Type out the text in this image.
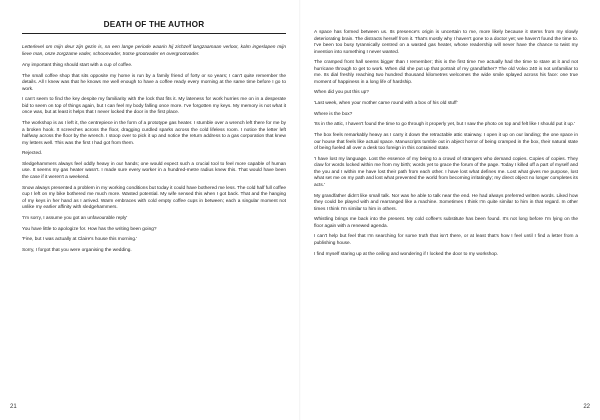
DEATH OF THE AUTHOR

Letterlevel om mijn deur zijn gezin is, na een lange periode waarin hij zichzelf langzaamaan verloor, kalm ingeslapen mijn lieve man, onze zorgzame vader, schoonvader, trotse grootvader en overgrootvader.

Any important thing should start with a cup of coffee.

The small coffee shop that sits opposite my home is run by a family friend of forty or so years; I can't quite remember the details. All I knew was that he knows me well enough to have a coffee ready every morning at the same time before I go to work.

I can't seem to find the key despite my familiarity with the lock that fits it. My lateness for work hurries me on in a desperate bid to seem on top of things again, but I can feel my body falling once more. I've forgotten my keys. My memory is not what it once was, but at least it helps that I never locked the door in the first place.

The workshop is as I left it, the centrepiece in the form of a prototype gas heater. I stumble over a wrench left there for me by a broken hook. It screeches across the floor, dragging curdled sparks across the cold lifeless room. I notice the letter left halfway across the floor by the wrench. I stoop over to pick it up and notice the return address to a gas corporation that knew my letters well. This was the first I had got from them.

Rejected.

Sledgehammers always feel oddly heavy in our hands; one would expect such a crucial tool to feel more capable of human use. It seems my gas heater wasn't. I made sure every worker in a hundred-metre radius knew this. That would have been the case if it weren't a weekend.

Snow always presented a problem in my working conditions but today it could have bothered me less. The cold half full coffee cup I left on my bike bothered me much more. Wasted potential. My wife sensed this when I got back. That and the hanging of my keys in her hand as I arrived. Warm embraces with cold empty coffee cups in between; each a singular moment not unlike my earlier affinity with sledgehammers.

'I'm sorry, I assume you got an unfavourable reply'

You have little to apologize for. How has the writing been going?

'Fine, but I was actually at Claire's house this morning.'

Sorry, I forgot that you were organising the wedding.

21

A space has formed between us. Its presence's origin is uncertain to me, more likely because it stems from my slowly deteriorating brain. The distracts herself from it. That's mostly why I haven't gone to a doctor yet; we haven't found the time to. I've been too busy tyrannically centred on a wasted gas heater, whose readership will never have the chance to twist my invention into something I never wanted.

The cramped front hall seems bigger than I remember; this is the first time I've actually had the time to stare at it and not hurricane through to get to work. When did she put up that portrait of my grandfather? The old Volvo 240 is not unfamiliar to me. Its dial freshly reaching two hundred thousand kilometres welcomes the wide smile splayed across his face: one true moment of happiness in a long life of hardship.

When did you put this up?

'Last week, when your mother came round with a box of his old stuff'

Where is the box?

'Its in the attic, I haven't found the time to go through it properly yet, but I saw the photo on top and felt like I should put it up.'

The box feels remarkably heavy as I carry it down the retractable attic stairway. I open it up on our landing; the one space in our house that feels like actual space. Manuscripts tumble out in abject horror of being cramped in the box, their natural state of being fueled all over a desk too foreign in this contained state.

'I have lost my language. Lost the essence of my being to a crowd of strangers who demand copies. Copies of copies. They claw for words locked within me from my birth; words yet to grace the forum of the page. Today I killed off a part of myself and the you and I within me have lost their path from each other. I have lost what defines me. Lost what gives me purpose, lost what set me on my path and lost what prevented the world from becoming irritatingly; my direct object no longer completes its acts.'

My grandfather didn't like small talk. Nor was he able to talk near the end. He had always preferred written words. Liked how they could be played with and rearranged like a machine. Sometimes I think I'm quite similar to him in that regard. In other times I think I'm similar to him in others.

Whistling brings me back into the present. My cold coffee's substitute has been found. It's not long before I'm lying on the floor again with a renewed agenda.

I can't help but feel that I'm searching for some truth that isn't there, or at least that's how I feel until I find a letter from a publishing house.

I find myself staring up at the ceiling and wondering if I locked the door to my workshop.

22
